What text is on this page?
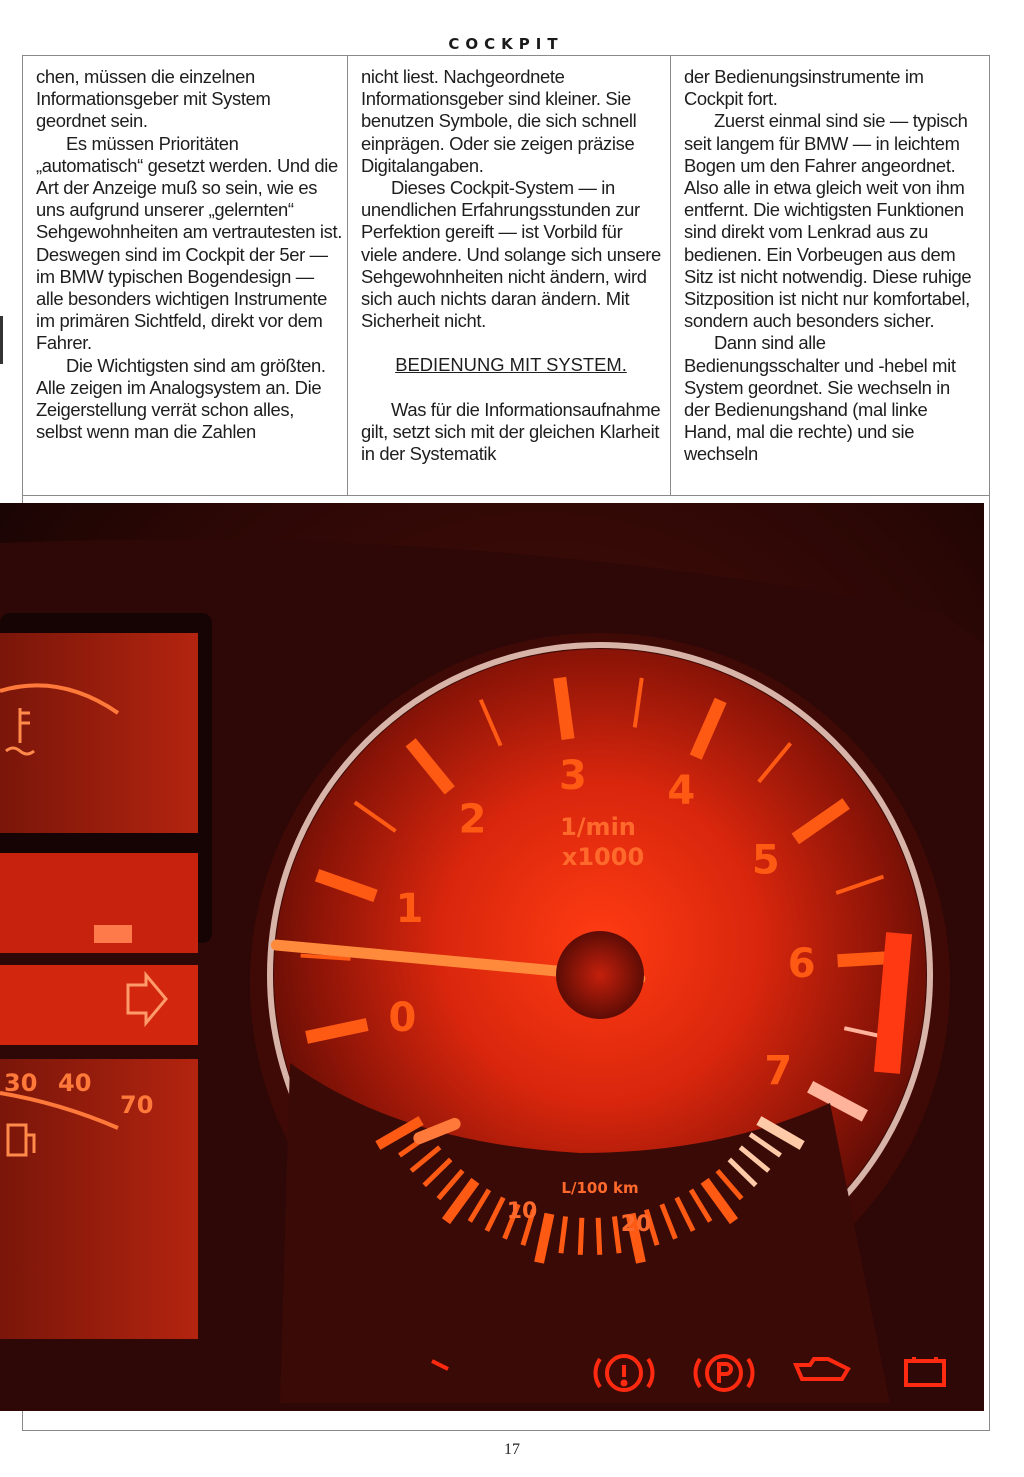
COCKPIT

chen, müssen die einzelnen Informationsgeber mit System geordnet sein.

Es müssen Prioritäten „automatisch“ gesetzt werden. Und die Art der Anzeige muß so sein, wie es uns aufgrund unserer „gelernten“ Sehgewohnheiten am vertrautesten ist. Deswegen sind im Cockpit der 5er — im BMW typischen Bogendesign — alle besonders wichtigen Instrumente im primären Sichtfeld, direkt vor dem Fahrer.

Die Wichtigsten sind am größten. Alle zeigen im Analogsystem an. Die Zeigerstellung verrät schon alles, selbst wenn man die Zahlen

nicht liest. Nachgeordnete Informationsgeber sind kleiner. Sie benutzen Symbole, die sich schnell einprägen. Oder sie zeigen präzise Digitalangaben.

Dieses Cockpit-System — in unendlichen Erfahrungsstunden zur Perfektion gereift — ist Vorbild für viele andere. Und solange sich unsere Sehgewohnheiten nicht ändern, wird sich auch nichts daran ändern. Mit Sicherheit nicht.

BEDIENUNG MIT SYSTEM.

Was für die Informationsaufnahme gilt, setzt sich mit der gleichen Klarheit in der Systematik

der Bedienungsinstrumente im Cockpit fort.

Zuerst einmal sind sie — typisch seit langem für BMW — in leichtem Bogen um den Fahrer angeordnet. Also alle in etwa gleich weit von ihm entfernt. Die wichtigsten Funktionen sind direkt vom Lenkrad aus zu bedienen. Ein Vorbeugen aus dem Sitz ist nicht notwendig. Diese ruhige Sitzposition ist nicht nur komfortabel, sondern auch besonders sicher.

Dann sind alle Bedienungsschalter und -hebel mit System geordnet. Sie wechseln in der Bedienungshand (mal linke Hand, mal die rechte) und sie wechseln

0
1
2
3 4
5
6
7
1/min
x1000
L/100 km
10
20
30 40
70
17
